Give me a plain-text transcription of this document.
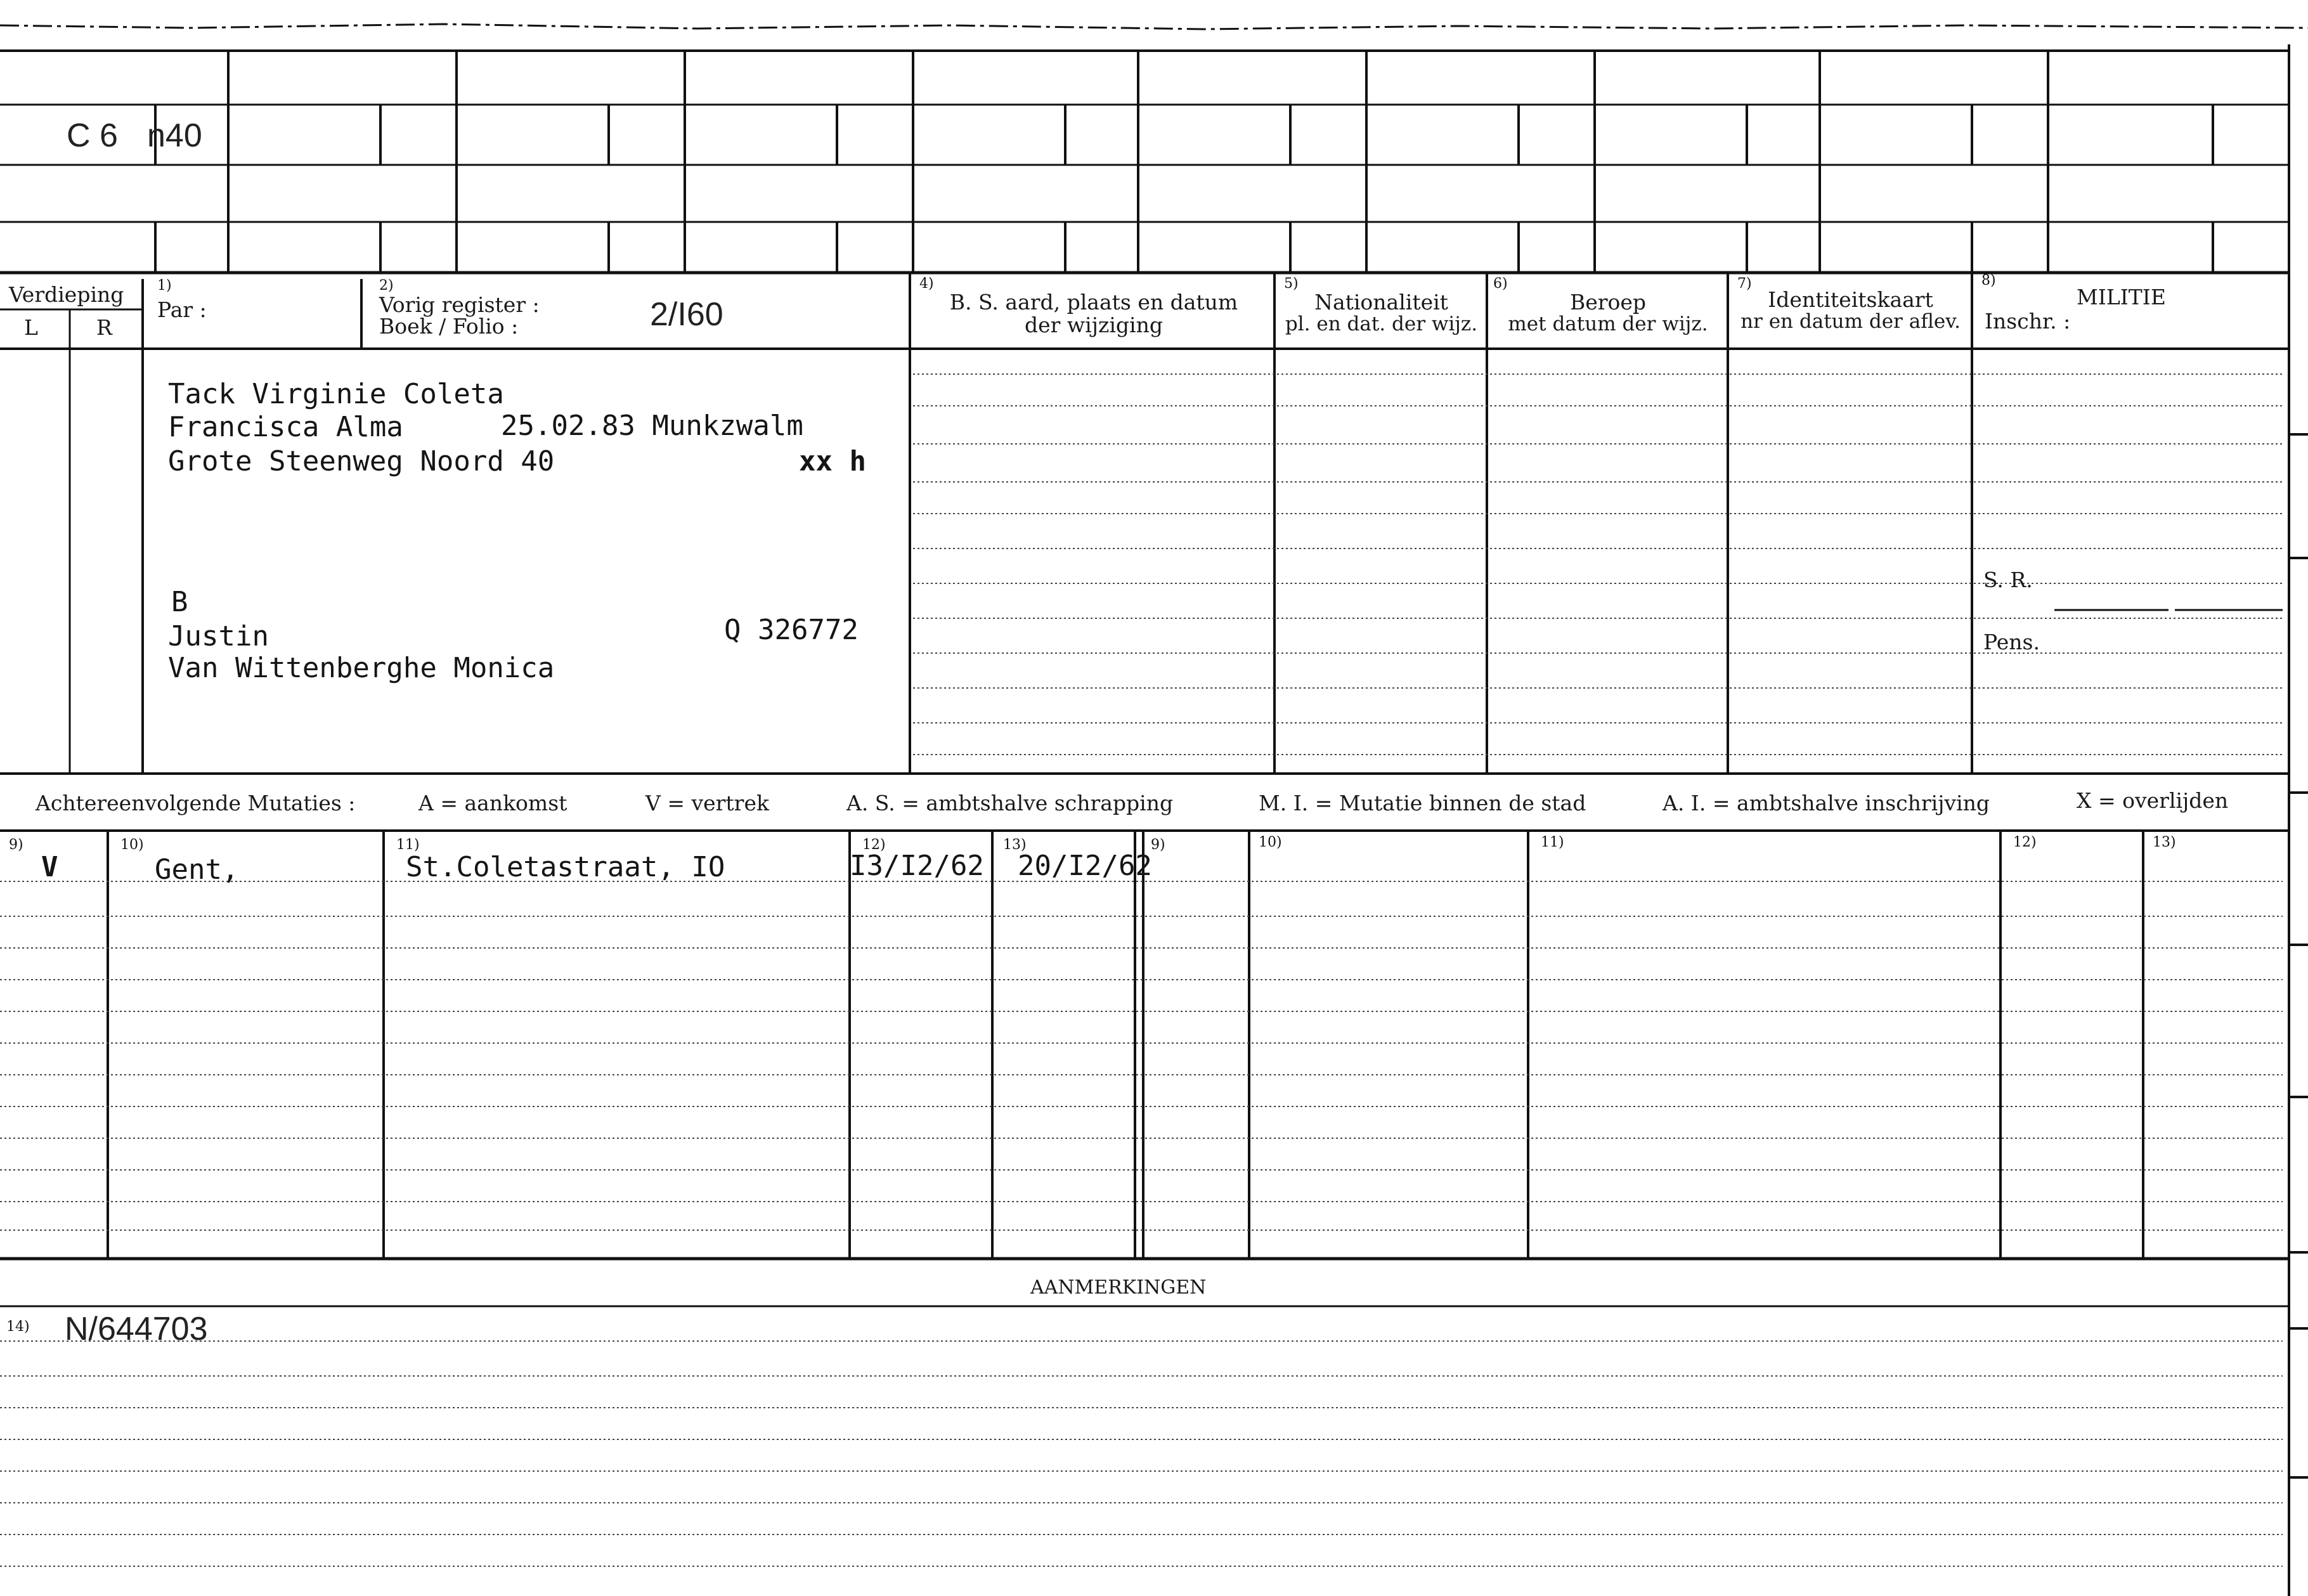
C 6 n40
Verdieping
L	R
1)
Par :
2)
Vorig register :
Boek / Folio :	2/I60
4)
B. S. aard, plaats en datum
der wijziging
5)
Nationaliteit
pl. en dat. der wijz.
6)
Beroep
met datum der wijz.
7)
Identiteitskaart
nr en datum der aflev.
8)
MILITIE
Inschr. :
S. R.
Pens.
Tack Virginie Coleta
Francisca Alma	25.02.83 Munkzwalm
Grote Steenweg Noord 40	xx h
B
Justin	Q 326772
Van Wittenberghe Monica
Achtereenvolgende Mutaties :	A = aankomst	V = vertrek	A. S. = ambtshalve schrapping	M. I. = Mutatie binnen de stad	A. I. = ambtshalve inschrijving	X = overlijden
9)	10)	11)	12)	13)	9)	10)	11)	12)	13)
V	Gent,	St.Coletastraat, IO	I3/I2/62 20/I2/62
AANMERKINGEN
14) N/644703
